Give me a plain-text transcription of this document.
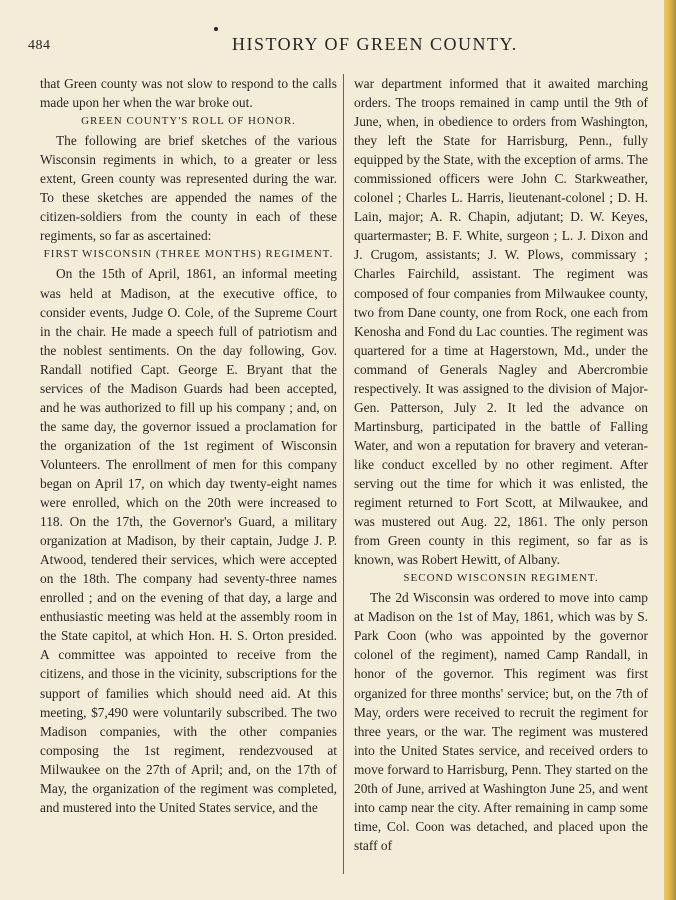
484	HISTORY OF GREEN COUNTY.

that Green county was not slow to respond to the calls made upon her when the war broke out.

GREEN COUNTY'S ROLL OF HONOR.

The following are brief sketches of the various Wisconsin regiments in which, to a greater or less extent, Green county was represented during the war. To these sketches are appended the names of the citizen-soldiers from the county in each of these regiments, so far as ascertained:

FIRST WISCONSIN (THREE MONTHS) REGIMENT.

On the 15th of April, 1861, an informal meeting was held at Madison, at the executive office, to consider events, Judge O. Cole, of the Supreme Court in the chair. He made a speech full of patriotism and the noblest sentiments. On the day following, Gov. Randall notified Capt. George E. Bryant that the services of the Madison Guards had been accepted, and he was authorized to fill up his company ; and, on the same day, the governor issued a proclamation for the organization of the 1st regiment of Wisconsin Volunteers. The enrollment of men for this company began on April 17, on which day twenty-eight names were enrolled, which on the 20th were increased to 118. On the 17th, the Governor's Guard, a military organization at Madison, by their captain, Judge J. P. Atwood, tendered their services, which were accepted on the 18th. The company had seventy-three names enrolled ; and on the evening of that day, a large and enthusiastic meeting was held at the assembly room in the State capitol, at which Hon. H. S. Orton presided. A committee was appointed to receive from the citizens, and those in the vicinity, subscriptions for the support of families which should need aid. At this meeting, $7,490 were voluntarily subscribed. The two Madison companies, with the other companies composing the 1st regiment, rendezvoused at Milwaukee on the 27th of April; and, on the 17th of May, the organization of the regiment was completed, and mustered into the United States service, and the

war department informed that it awaited marching orders. The troops remained in camp until the 9th of June, when, in obedience to orders from Washington, they left the State for Harrisburg, Penn., fully equipped by the State, with the exception of arms. The commissioned officers were John C. Starkweather, colonel ; Charles L. Harris, lieutenant-colonel ; D. H. Lain, major; A. R. Chapin, adjutant; D. W. Keyes, quartermaster; B. F. White, surgeon ; L. J. Dixon and J. Crugom, assistants; J. W. Plows, commissary ; Charles Fairchild, assistant. The regiment was composed of four companies from Milwaukee county, two from Dane county, one from Rock, one each from Kenosha and Fond du Lac counties. The regiment was quartered for a time at Hagerstown, Md., under the command of Generals Nagley and Abercrombie respectively. It was assigned to the division of Major-Gen. Patterson, July 2. It led the advance on Martinsburg, participated in the battle of Falling Water, and won a reputation for bravery and veteran-like conduct excelled by no other regiment. After serving out the time for which it was enlisted, the regiment returned to Fort Scott, at Milwaukee, and was mustered out Aug. 22, 1861. The only person from Green county in this regiment, so far as is known, was Robert Hewitt, of Albany.

SECOND WISCONSIN REGIMENT.

The 2d Wisconsin was ordered to move into camp at Madison on the 1st of May, 1861, which was by S. Park Coon (who was appointed by the governor colonel of the regiment), named Camp Randall, in honor of the governor. This regiment was first organized for three months' service; but, on the 7th of May, orders were received to recruit the regiment for three years, or the war. The regiment was mustered into the United States service, and received orders to move forward to Harrisburg, Penn. They started on the 20th of June, arrived at Washington June 25, and went into camp near the city. After remaining in camp some time, Col. Coon was detached, and placed upon the staff of
